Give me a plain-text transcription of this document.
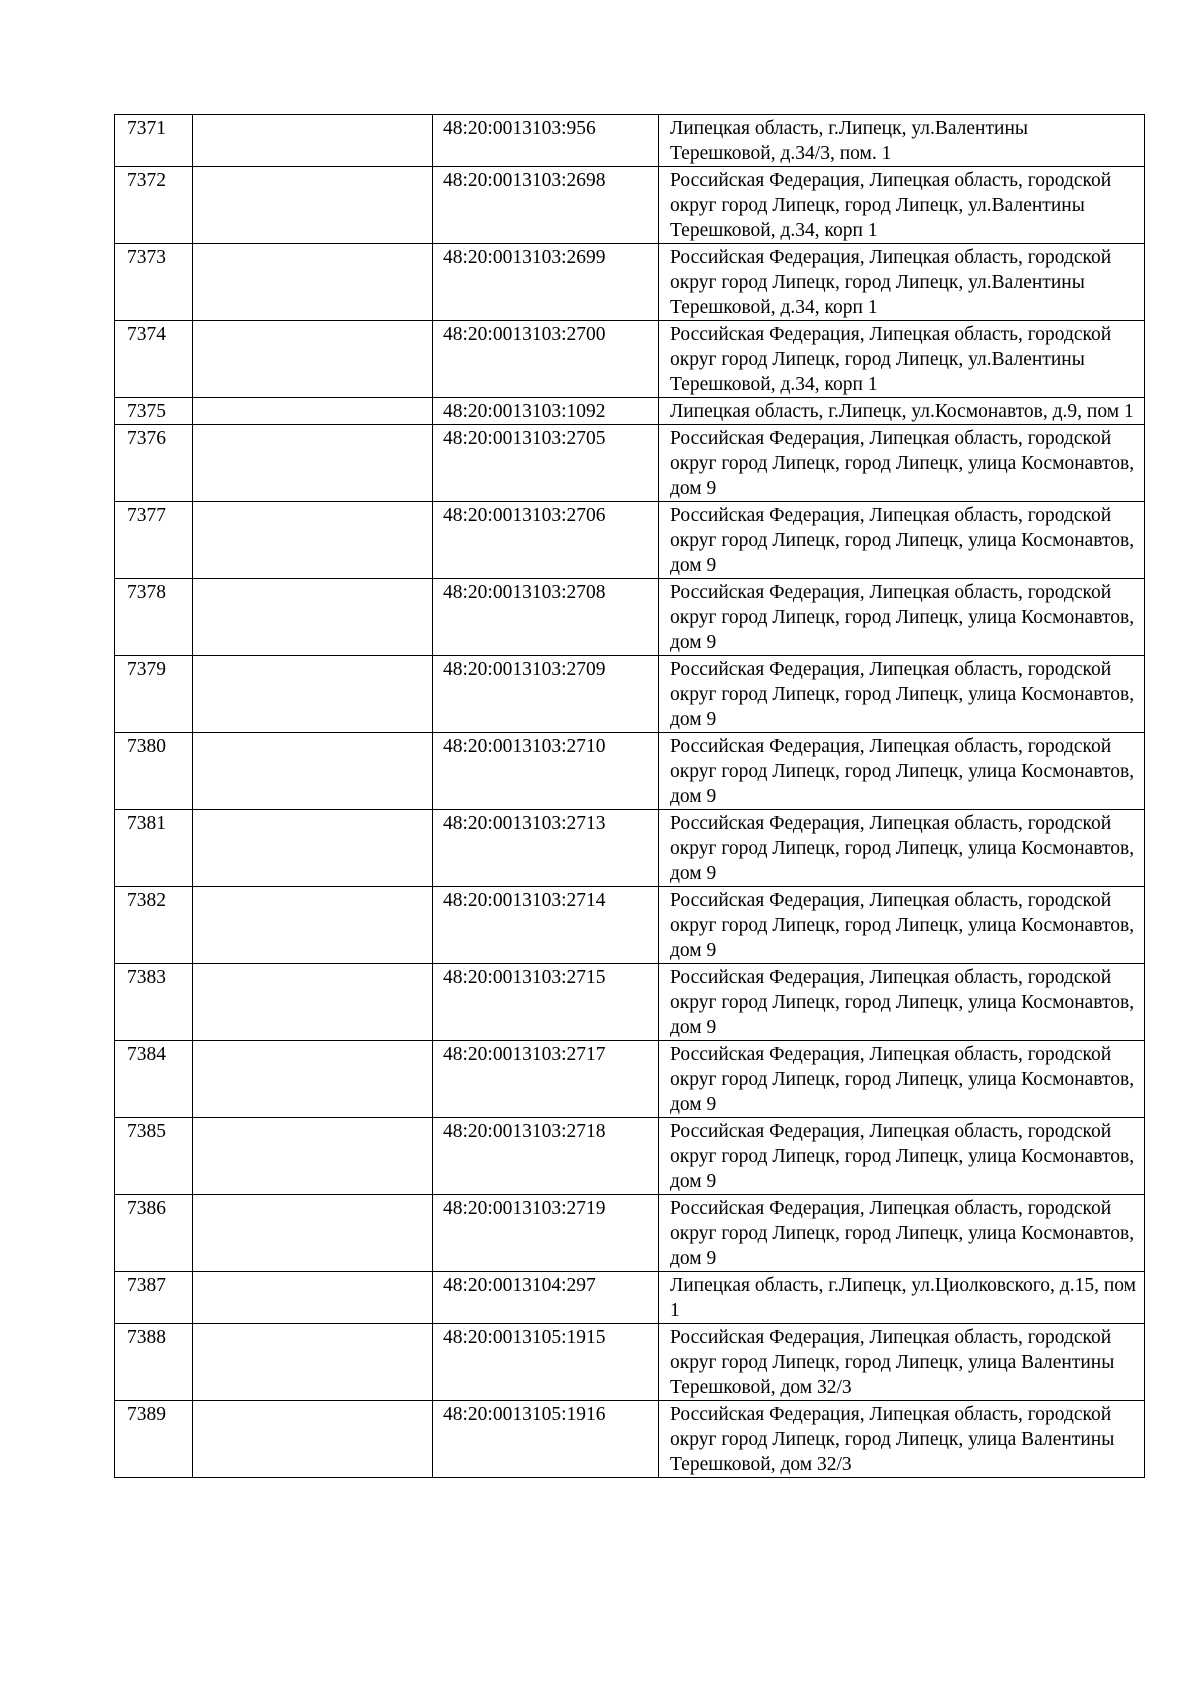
7371		48:20:0013103:956	Липецкая область, г.Липецк, ул.Валентины Терешковой, д.34/3, пом. 1
7372		48:20:0013103:2698	Российская Федерация, Липецкая область, городской округ город Липецк, город Липецк, ул.Валентины Терешковой, д.34, корп 1
7373		48:20:0013103:2699	Российская Федерация, Липецкая область, городской округ город Липецк, город Липецк, ул.Валентины Терешковой, д.34, корп 1
7374		48:20:0013103:2700	Российская Федерация, Липецкая область, городской округ город Липецк, город Липецк, ул.Валентины Терешковой, д.34, корп 1
7375		48:20:0013103:1092	Липецкая область, г.Липецк, ул.Космонавтов, д.9, пом 1
7376		48:20:0013103:2705	Российская Федерация, Липецкая область, городской округ город Липецк, город Липецк, улица Космонавтов, дом 9
7377		48:20:0013103:2706	Российская Федерация, Липецкая область, городской округ город Липецк, город Липецк, улица Космонавтов, дом 9
7378		48:20:0013103:2708	Российская Федерация, Липецкая область, городской округ город Липецк, город Липецк, улица Космонавтов, дом 9
7379		48:20:0013103:2709	Российская Федерация, Липецкая область, городской округ город Липецк, город Липецк, улица Космонавтов, дом 9
7380		48:20:0013103:2710	Российская Федерация, Липецкая область, городской округ город Липецк, город Липецк, улица Космонавтов, дом 9
7381		48:20:0013103:2713	Российская Федерация, Липецкая область, городской округ город Липецк, город Липецк, улица Космонавтов, дом 9
7382		48:20:0013103:2714	Российская Федерация, Липецкая область, городской округ город Липецк, город Липецк, улица Космонавтов, дом 9
7383		48:20:0013103:2715	Российская Федерация, Липецкая область, городской округ город Липецк, город Липецк, улица Космонавтов, дом 9
7384		48:20:0013103:2717	Российская Федерация, Липецкая область, городской округ город Липецк, город Липецк, улица Космонавтов, дом 9
7385		48:20:0013103:2718	Российская Федерация, Липецкая область, городской округ город Липецк, город Липецк, улица Космонавтов, дом 9
7386		48:20:0013103:2719	Российская Федерация, Липецкая область, городской округ город Липецк, город Липецк, улица Космонавтов, дом 9
7387		48:20:0013104:297	Липецкая область, г.Липецк, ул.Циолковского, д.15, пом 1
7388		48:20:0013105:1915	Российская Федерация, Липецкая область, городской округ город Липецк, город Липецк, улица Валентины Терешковой, дом 32/3
7389		48:20:0013105:1916	Российская Федерация, Липецкая область, городской округ город Липецк, город Липецк, улица Валентины Терешковой, дом 32/3
